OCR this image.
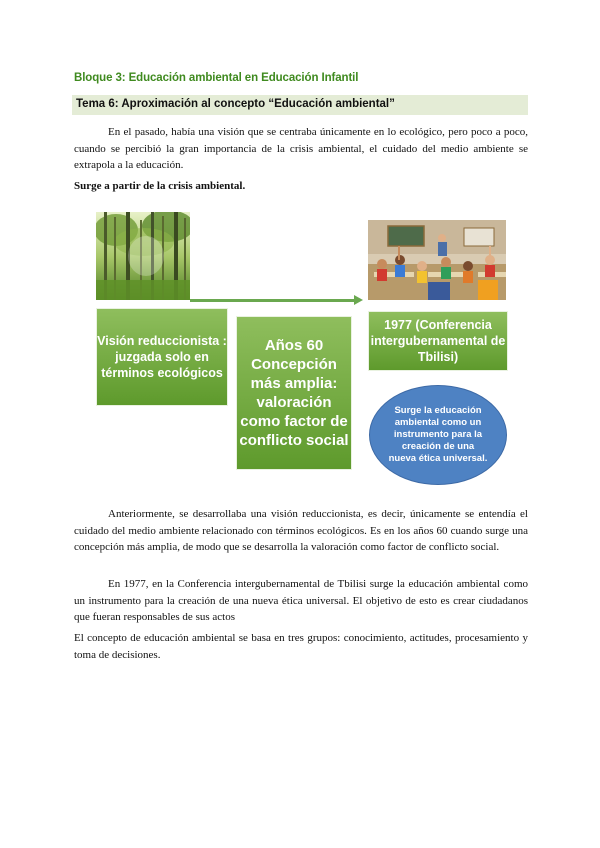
Bloque 3: Educación ambiental en Educación Infantil
Tema 6: Aproximación al concepto “Educación ambiental”
En el pasado, había una visión que se centraba únicamente en lo ecológico, pero poco a poco, cuando se percibió la gran importancia de la crisis ambiental, el cuidado del medio ambiente se extrapola a la educación.
Surge a partir de la crisis ambiental.
Visión reduccionista : juzgada solo en términos ecológicos
Años 60 Concepción más amplia: valoración como factor de conflicto social
1977 (Conferencia intergubernamental de Tbilisi)
Surge la educación ambiental como un instrumento para la creación de una nueva ética universal.
Anteriormente, se desarrollaba una visión reduccionista, es decir, únicamente se entendía el cuidado del medio ambiente relacionado con términos ecológicos. Es en los años 60 cuando surge una concepción más amplia, de modo que se desarrolla la valoración como factor de conflicto social.
En 1977, en la Conferencia intergubernamental de Tbilisi surge la educación ambiental como un instrumento para la creación de una nueva ética universal. El objetivo de esto es crear ciudadanos que fueran responsables de sus actos
El concepto de educación ambiental se basa en tres grupos: conocimiento, actitudes, procesamiento y toma de decisiones.
